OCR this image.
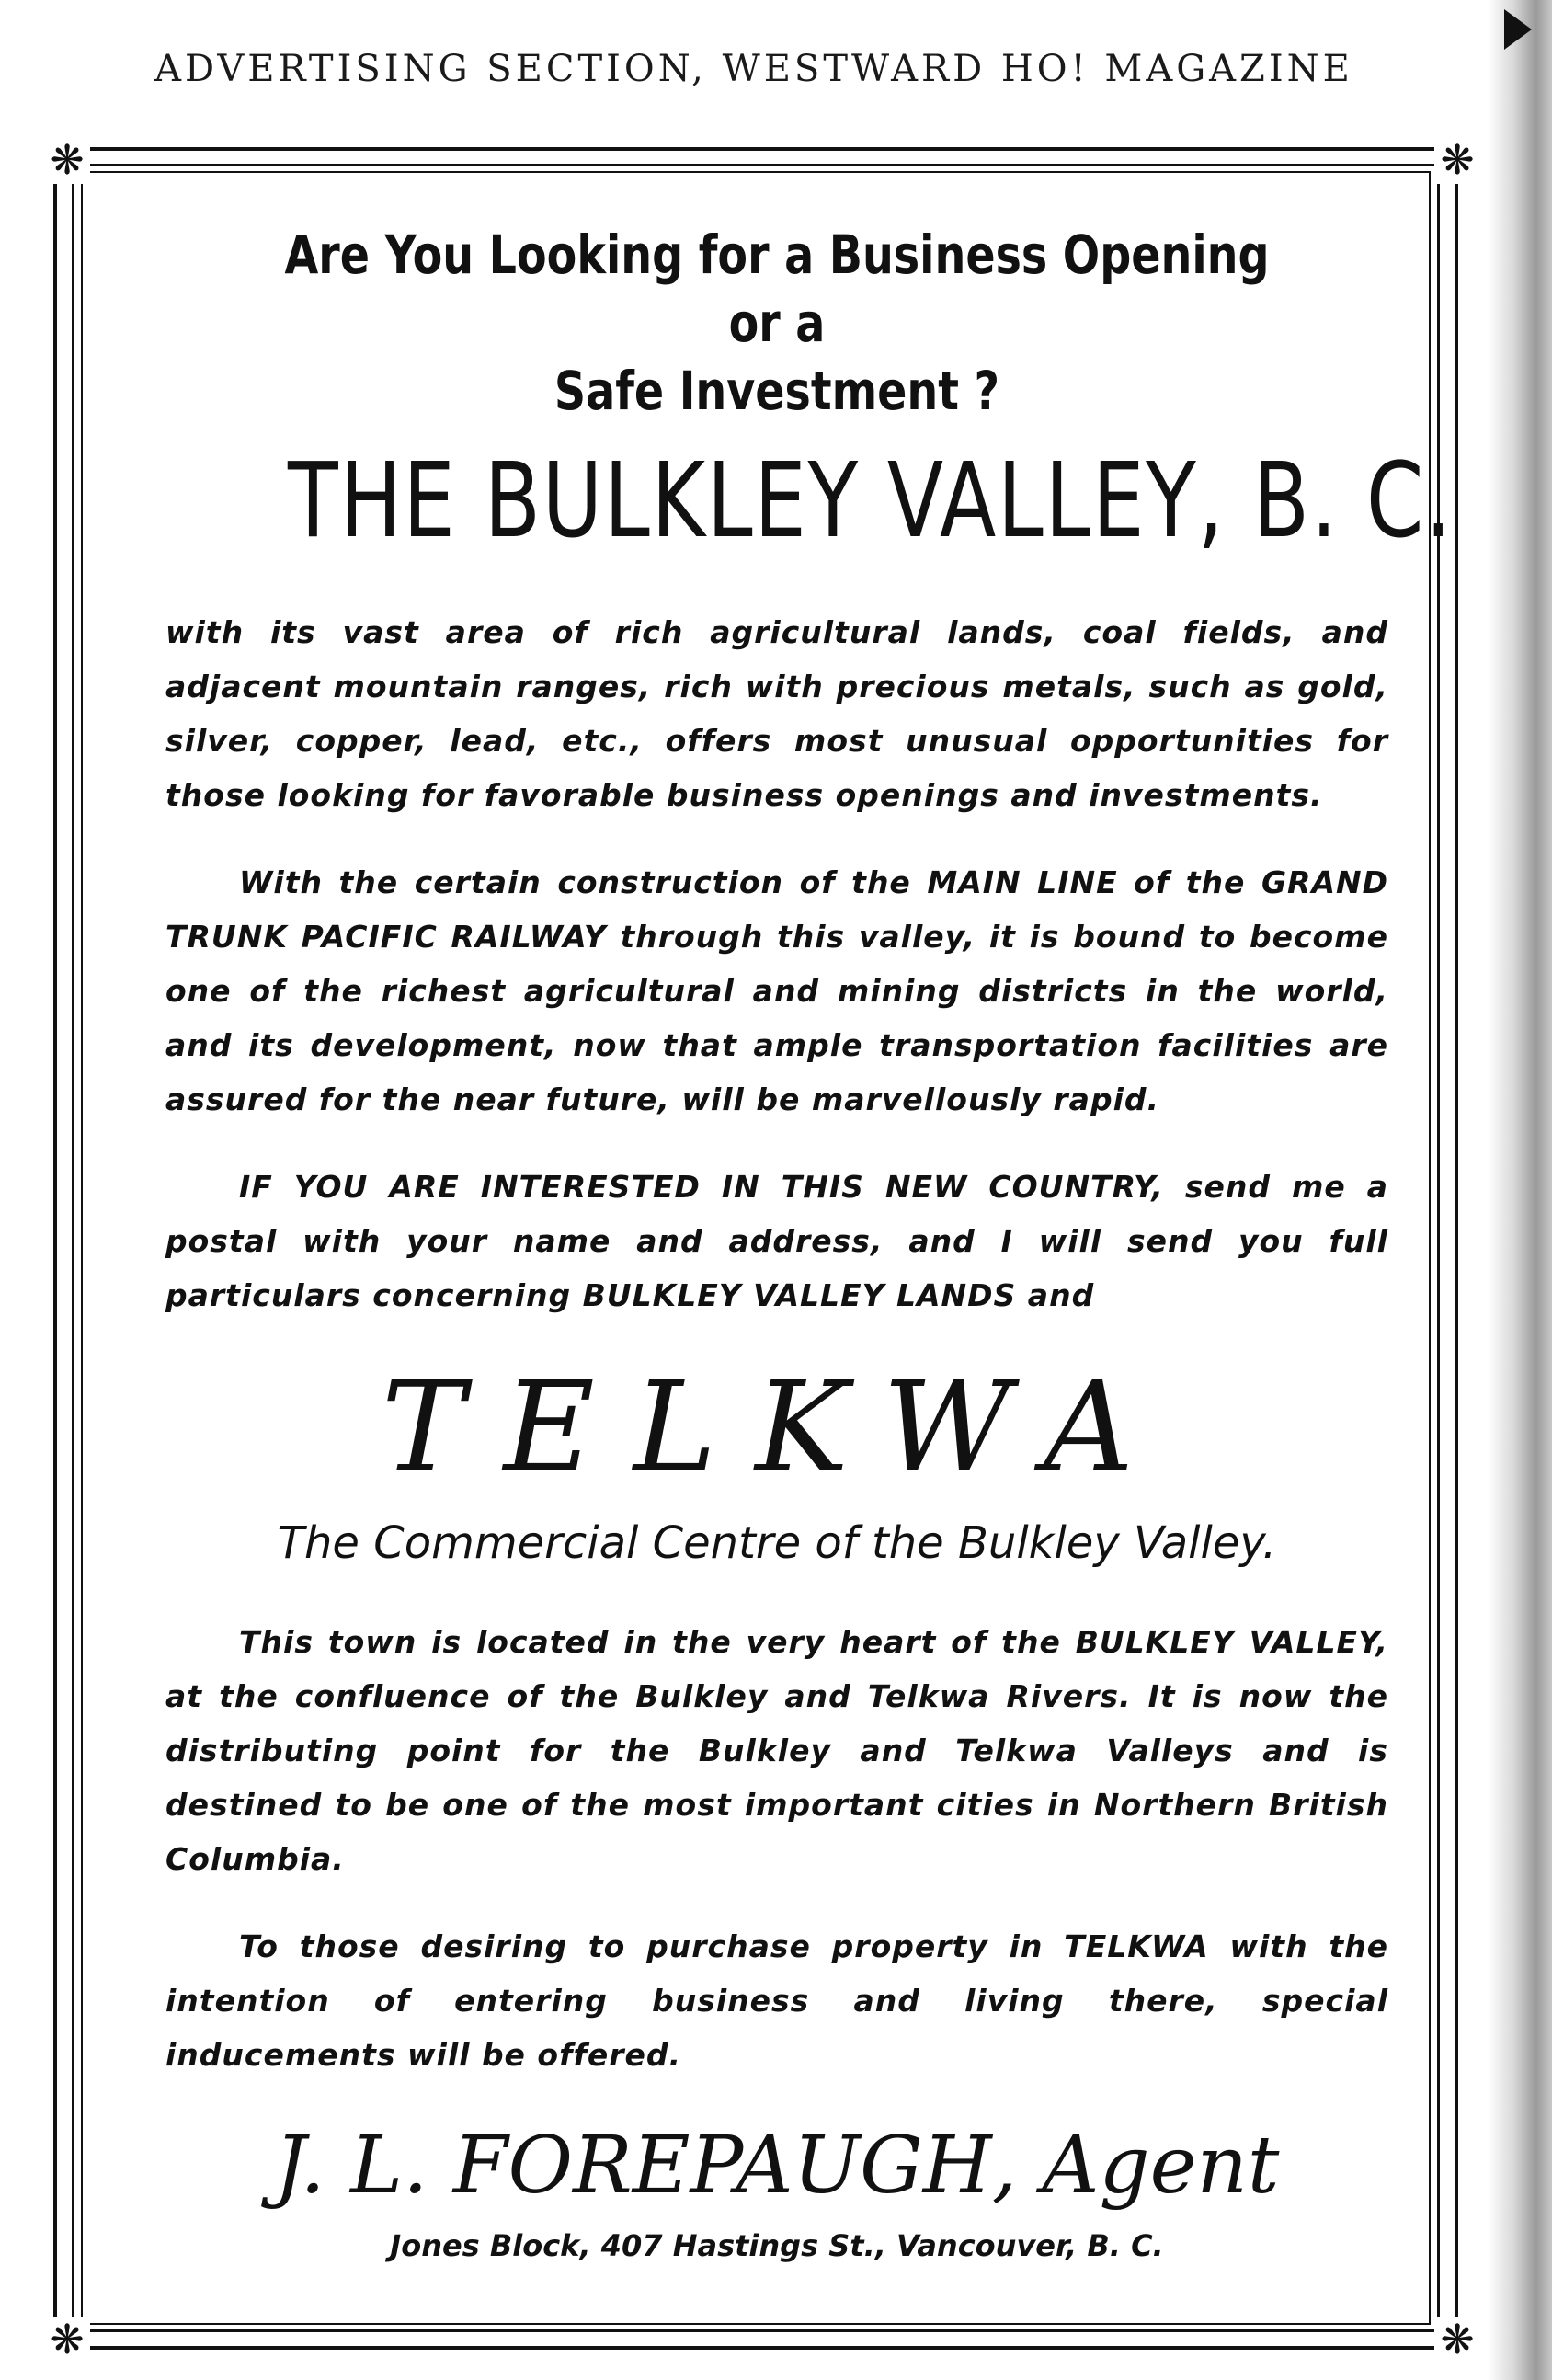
ADVERTISING SECTION, WESTWARD HO! MAGAZINE
❋	❋
❋	❋
Are You Looking for a Business Opening or a
Safe Investment ?
THE BULKLEY VALLEY, B. C.

with its vast area of rich agricultural lands, coal fields, and adjacent mountain ranges, rich with precious metals, such as gold, silver, copper, lead, etc., offers most unusual opportunities for those looking for favorable business openings and investments.

With the certain construction of the MAIN LINE of the GRAND TRUNK PACIFIC RAILWAY through this valley, it is bound to become one of the richest agricultural and mining districts in the world, and its development, now that ample transportation facilities are assured for the near future, will be marvellously rapid.

IF YOU ARE INTERESTED IN THIS NEW COUNTRY, send me a postal with your name and address, and I will send you full particulars concerning BULKLEY VALLEY LANDS and

TELKWA
The Commercial Centre of the Bulkley Valley.

This town is located in the very heart of the BULKLEY VALLEY, at the confluence of the Bulkley and Telkwa Rivers. It is now the distributing point for the Bulkley and Telkwa Valleys and is destined to be one of the most important cities in Northern British Columbia.

To those desiring to purchase property in TELKWA with the intention of entering business and living there, special inducements will be offered.

J. L. FOREPAUGH, Agent
Jones Block, 407 Hastings St., Vancouver, B. C.
